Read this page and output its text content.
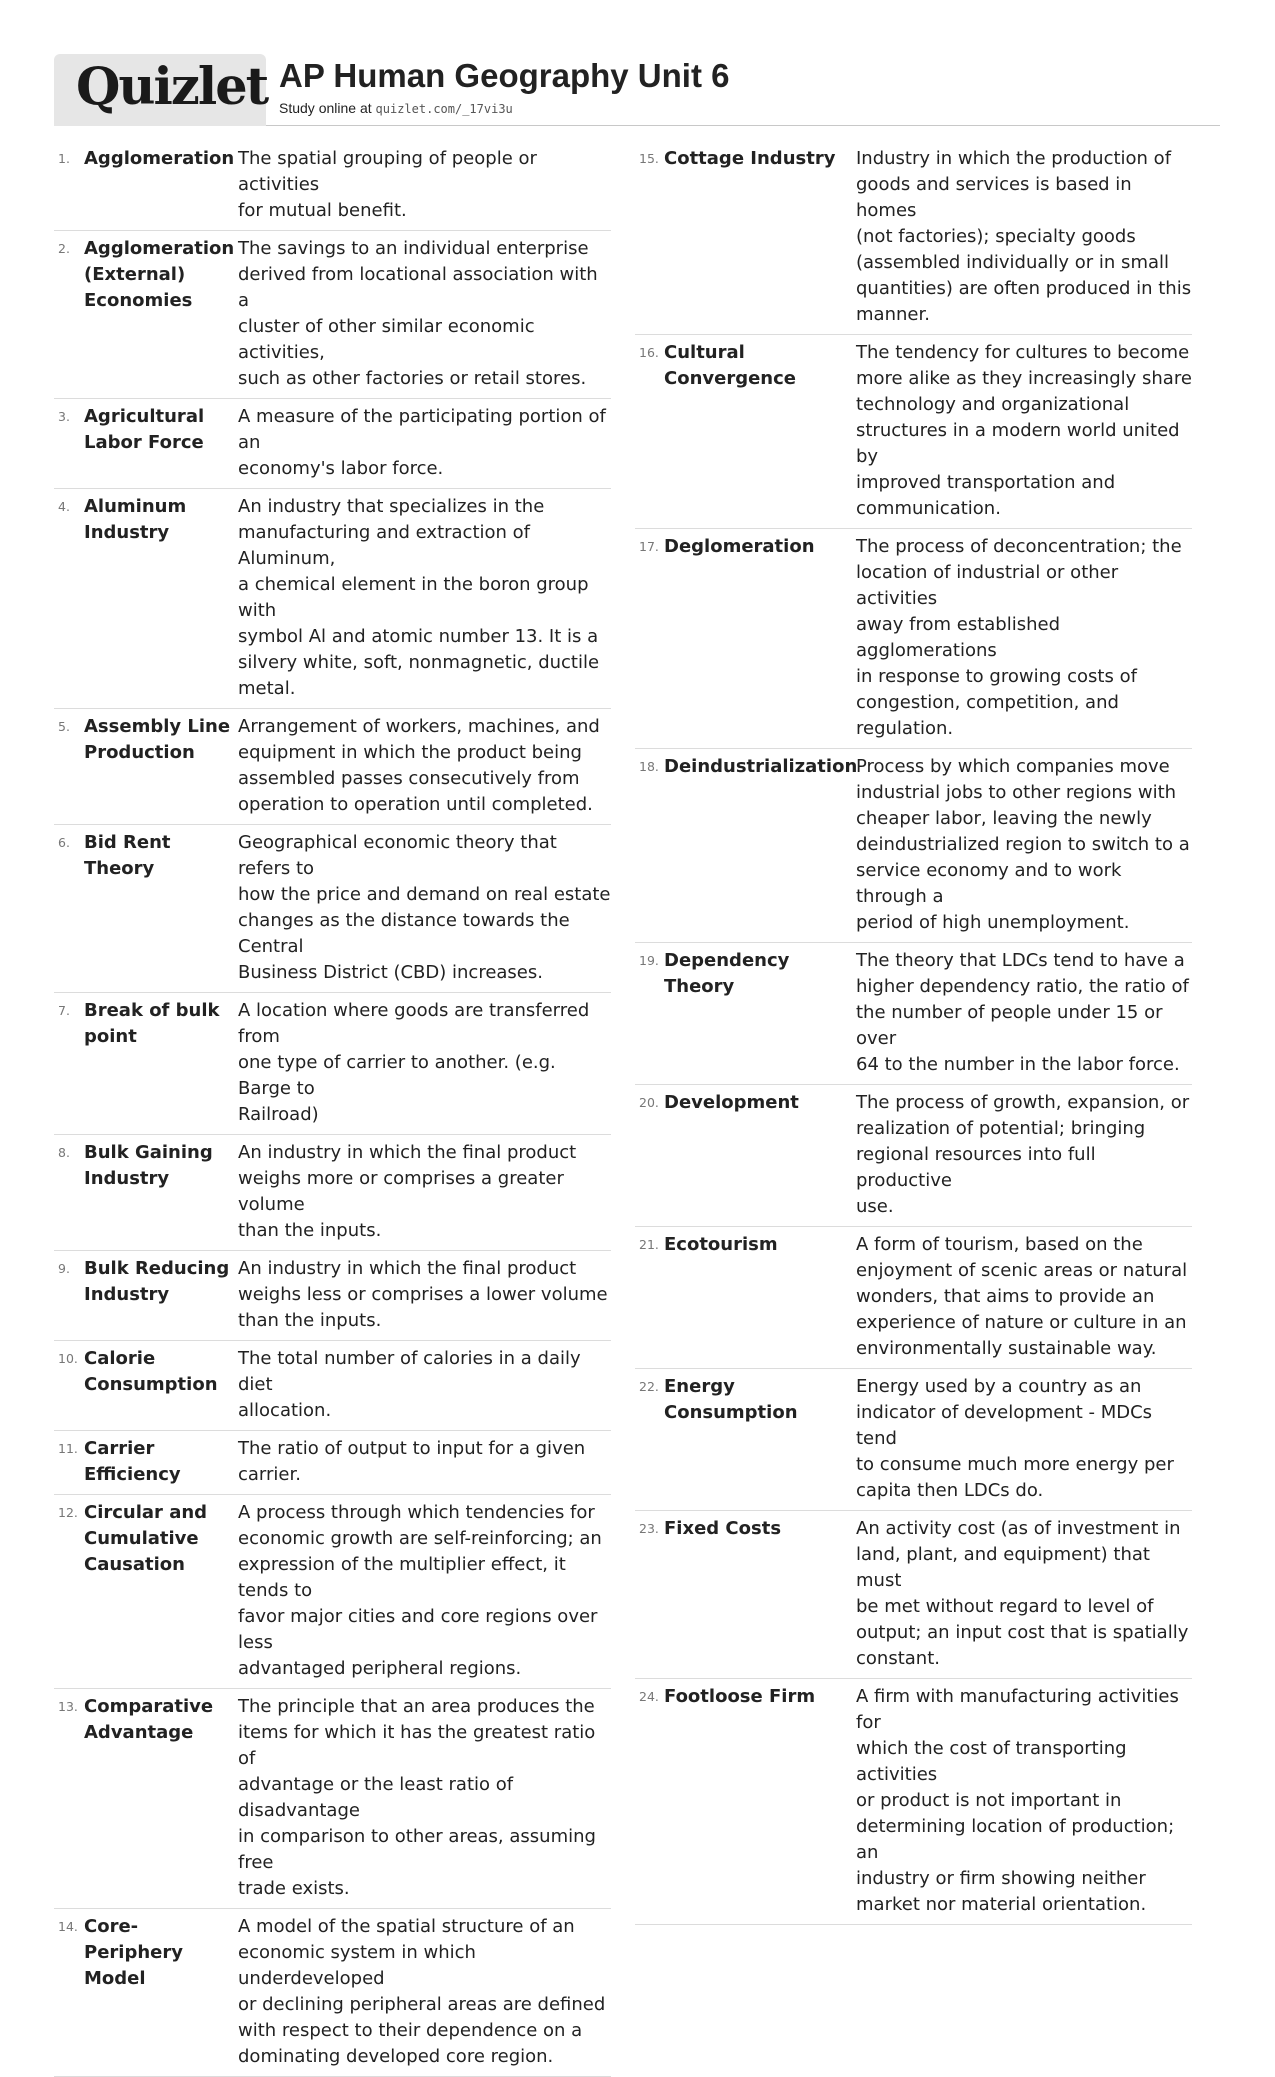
Quizlet AP Human Geography Unit 6
Study online at quizlet.com/_17vi3u
1. Agglomeration The spatial grouping of people or activities
for mutual benefit.
2. Agglomeration (External) Economies
The savings to an individual enterprise
derived from locational association with a
cluster of other similar economic activities,
such as other factories or retail stores.
3. Agricultural Labor Force
A measure of the participating portion of an
economy's labor force.
4. Aluminum Industry
An industry that specializes in the
manufacturing and extraction of Aluminum,
a chemical element in the boron group with
symbol Al and atomic number 13. It is a
silvery white, soft, nonmagnetic, ductile
metal.
5. Assembly Line Production
Arrangement of workers, machines, and
equipment in which the product being
assembled passes consecutively from
operation to operation until completed.
6. Bid Rent Theory
Geographical economic theory that refers to
how the price and demand on real estate
changes as the distance towards the Central
Business District (CBD) increases.
7. Break of bulk point
A location where goods are transferred from
one type of carrier to another. (e.g. Barge to
Railroad)
8. Bulk Gaining Industry
An industry in which the final product
weighs more or comprises a greater volume
than the inputs.
9. Bulk Reducing Industry
An industry in which the final product
weighs less or comprises a lower volume
than the inputs.
10. Calorie Consumption
The total number of calories in a daily diet
allocation.
11. Carrier Efficiency
The ratio of output to input for a given
carrier.
12. Circular and Cumulative Causation
A process through which tendencies for
economic growth are self-reinforcing; an
expression of the multiplier effect, it tends to
favor major cities and core regions over less
advantaged peripheral regions.
13. Comparative Advantage
The principle that an area produces the
items for which it has the greatest ratio of
advantage or the least ratio of disadvantage
in comparison to other areas, assuming free
trade exists.
14. Core-Periphery Model
A model of the spatial structure of an
economic system in which underdeveloped
or declining peripheral areas are defined
with respect to their dependence on a
dominating developed core region.
15. Cottage Industry	Industry in which the production of
goods and services is based in homes
(not factories); specialty goods
(assembled individually or in small
quantities) are often produced in this
manner.
16. Cultural Convergence
The tendency for cultures to become
more alike as they increasingly share
technology and organizational
structures in a modern world united by
improved transportation and
communication.
17. Deglomeration	The process of deconcentration; the
location of industrial or other activities
away from established agglomerations
in response to growing costs of
congestion, competition, and
regulation.
18. Deindustrialization
Process by which companies move
industrial jobs to other regions with
cheaper labor, leaving the newly
deindustrialized region to switch to a
service economy and to work through a
period of high unemployment.
19. Dependency Theory
The theory that LDCs tend to have a
higher dependency ratio, the ratio of
the number of people under 15 or over
64 to the number in the labor force.
20. Development	The process of growth, expansion, or
realization of potential; bringing
regional resources into full productive
use.
21. Ecotourism	A form of tourism, based on the
enjoyment of scenic areas or natural
wonders, that aims to provide an
experience of nature or culture in an
environmentally sustainable way.
22. Energy Consumption
Energy used by a country as an
indicator of development - MDCs tend
to consume much more energy per
capita then LDCs do.
23. Fixed Costs	An activity cost (as of investment in
land, plant, and equipment) that must
be met without regard to level of
output; an input cost that is spatially
constant.
24. Footloose Firm	A firm with manufacturing activities for
which the cost of transporting activities
or product is not important in
determining location of production; an
industry or firm showing neither
market nor material orientation.
